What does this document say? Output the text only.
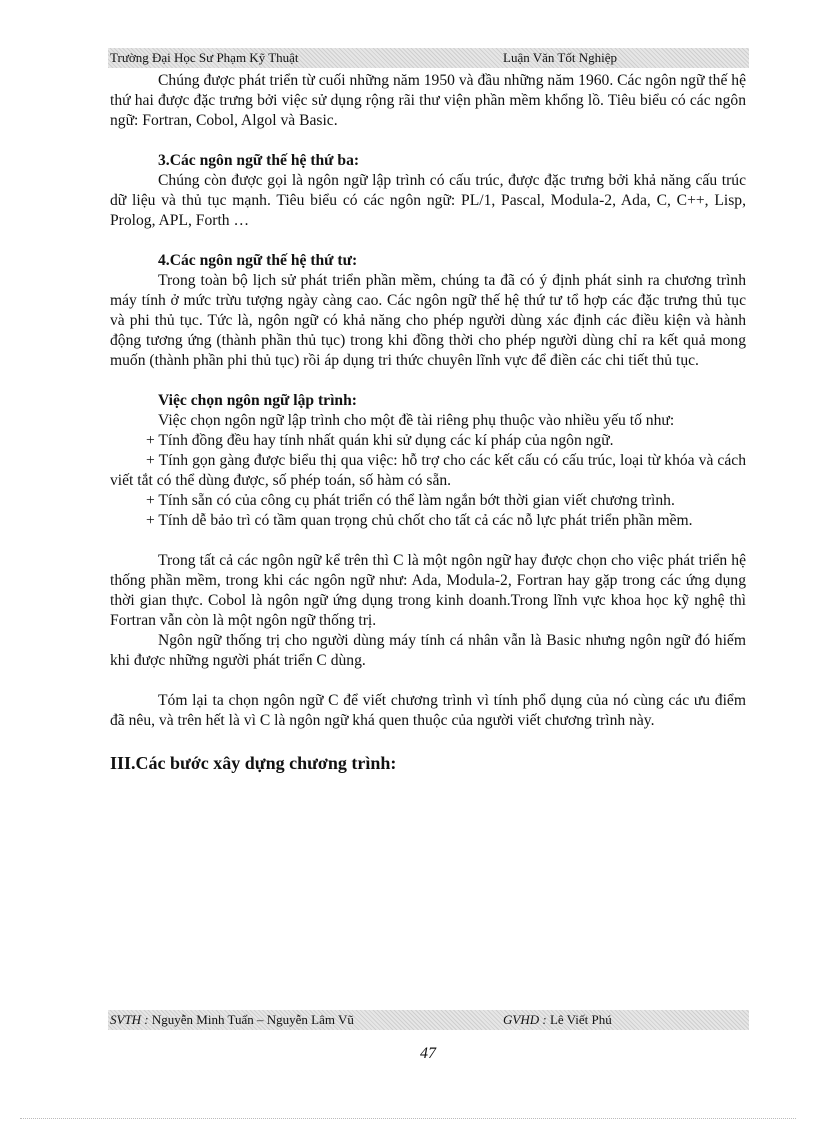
Trường Đại Học Sư Phạm Kỹ Thuật	Luận Văn Tốt Nghiệp

Chúng được phát triển từ cuối những năm 1950 và đầu những năm 1960. Các ngôn ngữ thế hệ thứ hai được đặc trưng bởi việc sử dụng rộng rãi thư viện phần mềm khổng lồ. Tiêu biểu có các ngôn ngữ: Fortran, Cobol, Algol và Basic.

3.Các ngôn ngữ thế hệ thứ ba:

Chúng còn được gọi là ngôn ngữ lập trình có cấu trúc, được đặc trưng bởi khả năng cấu trúc dữ liệu và thủ tục mạnh. Tiêu biểu có các ngôn ngữ: PL/1, Pascal, Modula-2, Ada, C, C++, Lisp, Prolog, APL, Forth …

4.Các ngôn ngữ thế hệ thứ tư:

Trong toàn bộ lịch sử phát triển phần mềm, chúng ta đã có ý định phát sinh ra chương trình máy tính ở mức trừu tượng ngày càng cao. Các ngôn ngữ thế hệ thứ tư tổ hợp các đặc trưng thủ tục và phi thủ tục. Tức là, ngôn ngữ có khả năng cho phép người dùng xác định các điều kiện và hành động tương ứng (thành phần thủ tục) trong khi đồng thời cho phép người dùng chỉ ra kết quả mong muốn (thành phần phi thủ tục) rồi áp dụng tri thức chuyên lĩnh vực để điền các chi tiết thủ tục.

Việc chọn ngôn ngữ lập trình:

Việc chọn ngôn ngữ lập trình cho một đề tài riêng phụ thuộc vào nhiều yếu tố như:

+ Tính đồng đều hay tính nhất quán khi sử dụng các kí pháp của ngôn ngữ.

+ Tính gọn gàng được biểu thị qua việc: hỗ trợ cho các kết cấu có cấu trúc, loại từ khóa và cách viết tắt có thể dùng được, số phép toán, số hàm có sẵn.

+ Tính sẵn có của công cụ phát triển có thể làm ngắn bớt thời gian viết chương trình.

+ Tính dễ bảo trì có tầm quan trọng chủ chốt cho tất cả các nỗ lực phát triển phần mềm.

Trong tất cả các ngôn ngữ kể trên thì C là một ngôn ngữ hay được chọn cho việc phát triển hệ thống phần mềm, trong khi các ngôn ngữ như: Ada, Modula-2, Fortran hay gặp trong các ứng dụng thời gian thực. Cobol là ngôn ngữ ứng dụng trong kinh doanh.Trong lĩnh vực khoa học kỹ nghệ thì Fortran vẫn còn là một ngôn ngữ thống trị.

Ngôn ngữ thống trị cho người dùng máy tính cá nhân vẫn là Basic nhưng ngôn ngữ đó hiếm khi được những người phát triển C dùng.

Tóm lại ta chọn ngôn ngữ C để viết chương trình vì tính phổ dụng của nó cùng các ưu điểm đã nêu, và trên hết là vì C là ngôn ngữ khá quen thuộc của người viết chương trình này.

III.Các bước xây dựng chương trình:
SVTH : Nguyễn Minh Tuấn – Nguyễn Lâm Vũ	GVHD : Lê Viết Phú
47
